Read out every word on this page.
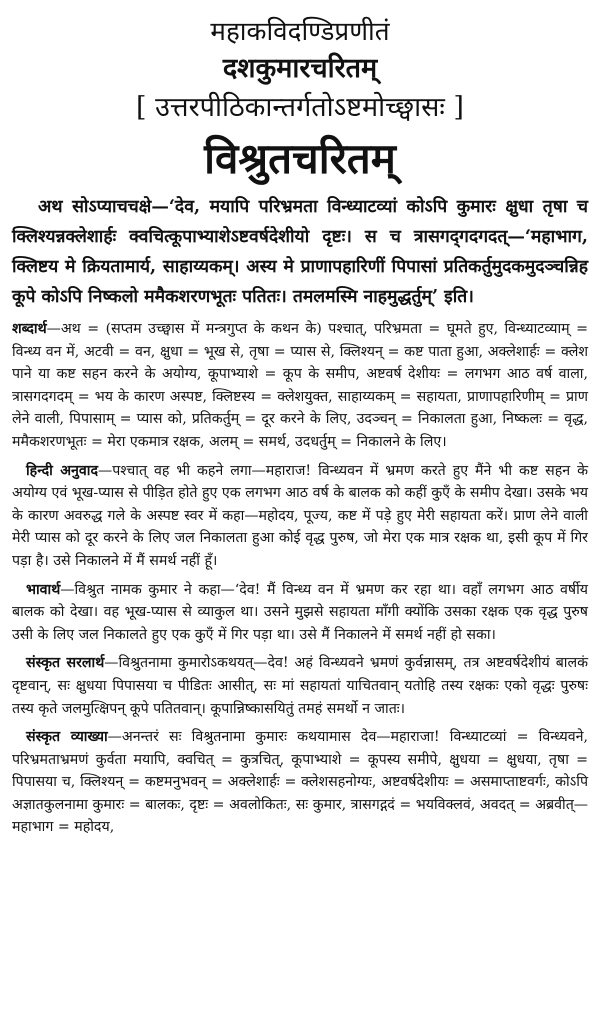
महाकविदण्डिप्रणीतं
दशकुमारचरितम्
[ उत्तरपीठिकान्तर्गतोऽष्टमोच्छ्वासः ]
विश्रुतचरितम्

अथ सोऽप्याचचक्षे—‘देव, मयापि परिभ्रमता विन्ध्याटव्यां कोऽपि कुमारः क्षुधा तृषा च क्लिश्यन्नक्लेशार्हः क्वचित्कूपाभ्याशेऽष्टवर्षदेशीयो दृष्टः। स च त्रासगद्‌गदगदत्—‘महाभाग, क्लिष्टय मे क्रियतामार्य, साहाय्यकम्। अस्य मे प्राणापहारिणीं पिपासां प्रतिकर्तुमुदकमुदञ्चन्निह कूपे कोऽपि निष्कलो ममैकशरणभूतः पतितः। तमलमस्मि नाहमुद्धर्तुम्’ इति।

शब्दार्थ—अथ = (सप्तम उच्छ्वास में मन्त्रगुप्त के कथन के) पश्चात्, परिभ्रमता = घूमते हुए, विन्ध्याटव्याम् = विन्ध्य वन में, अटवी = वन, क्षुधा = भूख से, तृषा = प्यास से, क्लिश्यन् = कष्ट पाता हुआ, अक्लेशार्हः = क्लेश पाने या कष्ट सहन करने के अयोग्य, कूपाभ्याशे = कूप के समीप, अष्टवर्ष देशीयः = लगभग आठ वर्ष वाला, त्रासगदगदम् = भय के कारण अस्पष्ट, क्लिष्टस्य = क्लेशयुक्त, साहाय्यकम् = सहायता, प्राणापहारिणीम् = प्राण लेने वाली, पिपासाम् = प्यास को, प्रतिकर्तुम् = दूर करने के लिए, उदञ्चन् = निकालता हुआ, निष्कलः = वृद्ध, ममैकशरणभूतः = मेरा एकमात्र रक्षक, अलम् = समर्थ, उदधर्तुम् = निकालने के लिए।

हिन्दी अनुवाद—पश्चात् वह भी कहने लगा—महाराज! विन्ध्यवन में भ्रमण करते हुए मैंने भी कष्ट सहन के अयोग्य एवं भूख-प्यास से पीड़ित होते हुए एक लगभग आठ वर्ष के बालक को कहीं कुएँ के समीप देखा। उसके भय के कारण अवरुद्ध गले के अस्पष्ट स्वर में कहा—महोदय, पूज्य, कष्ट में पड़े हुए मेरी सहायता करें। प्राण लेने वाली मेरी प्यास को दूर करने के लिए जल निकालता हुआ कोई वृद्ध पुरुष, जो मेरा एक मात्र रक्षक था, इसी कूप में गिर पड़ा है। उसे निकालने में मैं समर्थ नहीं हूँ।

भावार्थ—विश्रुत नामक कुमार ने कहा—‘देव! मैं विन्ध्य वन में भ्रमण कर रहा था। वहाँ लगभग आठ वर्षीय बालक को देखा। वह भूख-प्यास से व्याकुल था। उसने मुझसे सहायता माँगी क्योंकि उसका रक्षक एक वृद्ध पुरुष उसी के लिए जल निकालते हुए एक कुएँ में गिर पड़ा था। उसे मैं निकालने में समर्थ नहीं हो सका।

संस्कृत सरलार्थ—विश्रुतनामा कुमारोऽकथयत्—देव! अहं विन्ध्यवने भ्रमणं कुर्वन्नासम्, तत्र अष्टवर्षदेशीयं बालकं दृष्टवान्, सः क्षुधया पिपासया च पीडितः आसीत्, सः मां सहायतां याचितवान् यतोहि तस्य रक्षकः एको वृद्धः पुरुषः तस्य कृते जलमुत्क्षिपन् कूपे पतितवान्। कूपान्निष्कासयितुं तमहं समर्थो न जातः।

संस्कृत व्याख्या—अनन्तरं सः विश्रुतनामा कुमारः कथयामास देव—महाराजा! विन्ध्याटव्यां = विन्ध्यवने, परिभ्रमताभ्रमणं कुर्वता मयापि, क्वचित् = कुत्रचित्, कूपाभ्याशे = कूपस्य समीपे, क्षुधया = क्षुधया, तृषा = पिपासया च, क्लिश्यन् = कष्टमनुभवन् = अक्लेशार्हः = क्लेशसहनोग्यः, अष्टवर्षदेशीयः = असमाप्ताष्टवर्गः, कोऽपि अज्ञातकुलनामा कुमारः = बालकः, दृष्टः = अवलोकितः, सः कुमार, त्रासगद्गदं = भयविक्लवं, अवदत् = अब्रवीत्—महाभाग = महोदय,
